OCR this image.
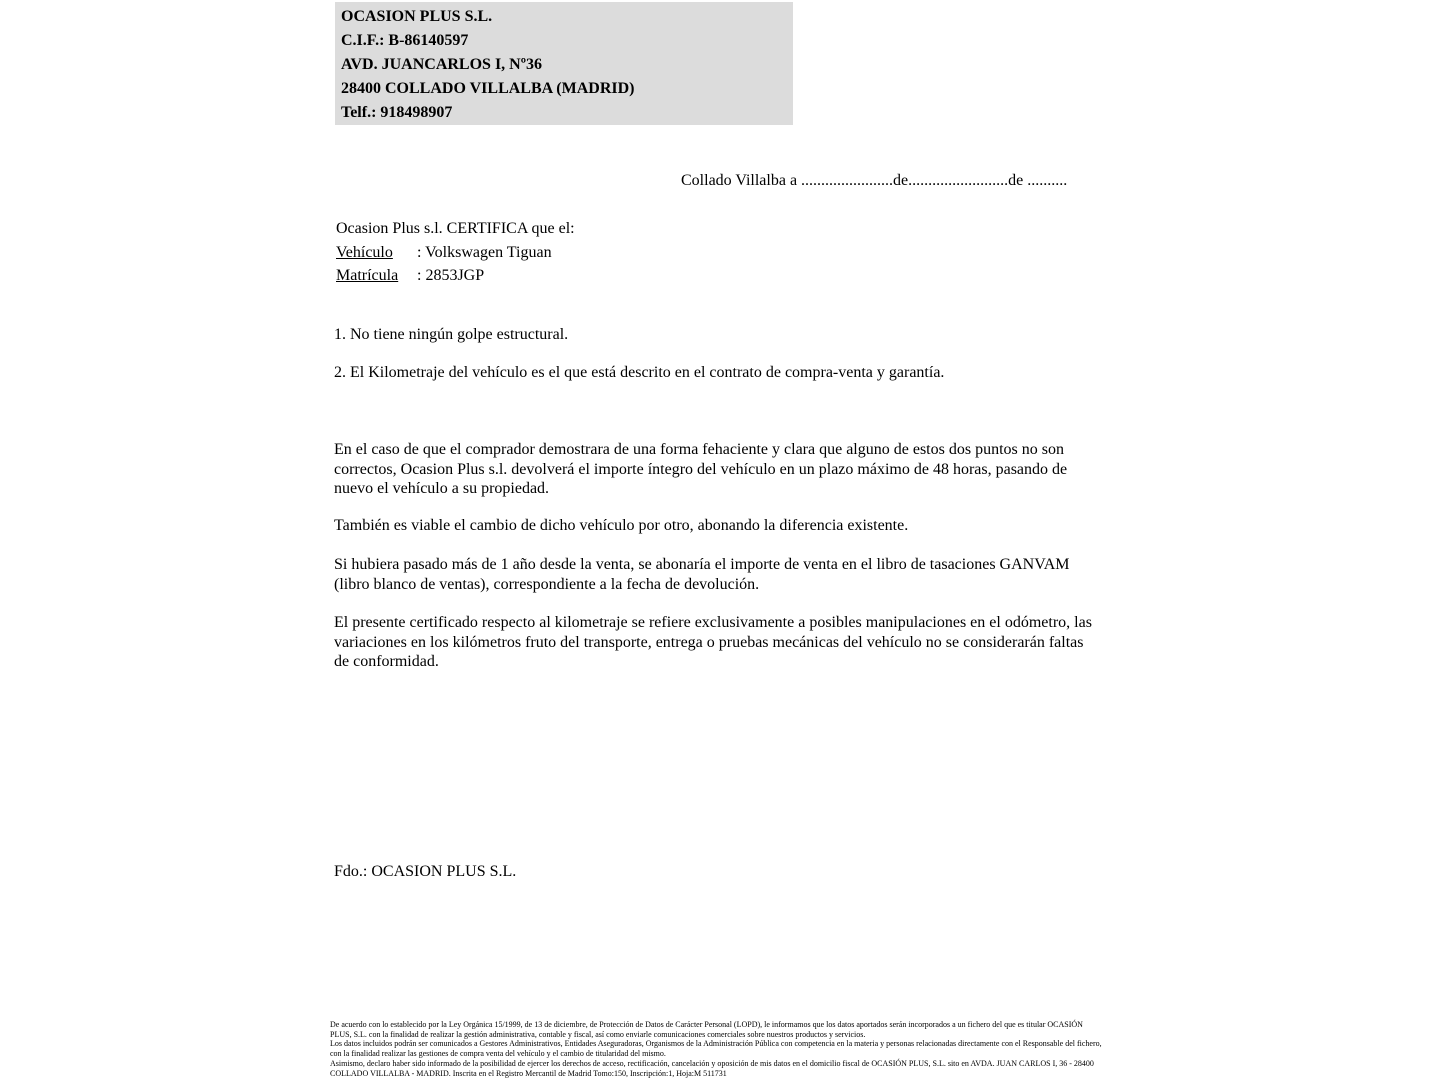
OCASION PLUS S.L.
C.I.F.: B-86140597
AVD. JUANCARLOS I, Nº36
28400 COLLADO VILLALBA (MADRID)
Telf.: 918498907
Collado Villalba a .......................de.........................de ..........
Ocasion Plus s.l. CERTIFICA que el:
Vehículo : Volkswagen Tiguan
Matrícula : 2853JGP
1. No tiene ningún golpe estructural.
2. El Kilometraje del vehículo es el que está descrito en el contrato de compra-venta y garantía.
En el caso de que el comprador demostrara de una forma fehaciente y clara que alguno de estos dos puntos no son correctos, Ocasion Plus s.l. devolverá el importe íntegro del vehículo en un plazo máximo de 48 horas, pasando de nuevo el vehículo a su propiedad.
También es viable el cambio de dicho vehículo por otro, abonando la diferencia existente.
Si hubiera pasado más de 1 año desde la venta, se abonaría el importe de venta en el libro de tasaciones GANVAM (libro blanco de ventas), correspondiente a la fecha de devolución.
El presente certificado respecto al kilometraje se refiere exclusivamente a posibles manipulaciones en el odómetro, las variaciones en los kilómetros fruto del transporte, entrega o pruebas mecánicas del vehículo no se considerarán faltas de conformidad.
Fdo.: OCASION PLUS S.L.
De acuerdo con lo establecido por la Ley Orgánica 15/1999, de 13 de diciembre, de Protección de Datos de Carácter Personal (LOPD), le informamos que los datos aportados serán incorporados a un fichero del que es titular OCASIÓN PLUS, S.L. con la finalidad de realizar la gestión administrativa, contable y fiscal, así como enviarle comunicaciones comerciales sobre nuestros productos y servicios.
Los datos incluidos podrán ser comunicados a Gestores Administrativos, Entidades Aseguradoras, Organismos de la Administración Pública con competencia en la materia y personas relacionadas directamente con el Responsable del fichero, con la finalidad realizar las gestiones de compra venta del vehículo y el cambio de titularidad del mismo.
Asimismo, declaro haber sido informado de la posibilidad de ejercer los derechos de acceso, rectificación, cancelación y oposición de mis datos en el domicilio fiscal de OCASIÓN PLUS, S.L. sito en AVDA. JUAN CARLOS I, 36 - 28400 COLLADO VILLALBA - MADRID. Inscrita en el Registro Mercantil de Madrid Tomo:150, Inscripción:1, Hoja:M 511731
